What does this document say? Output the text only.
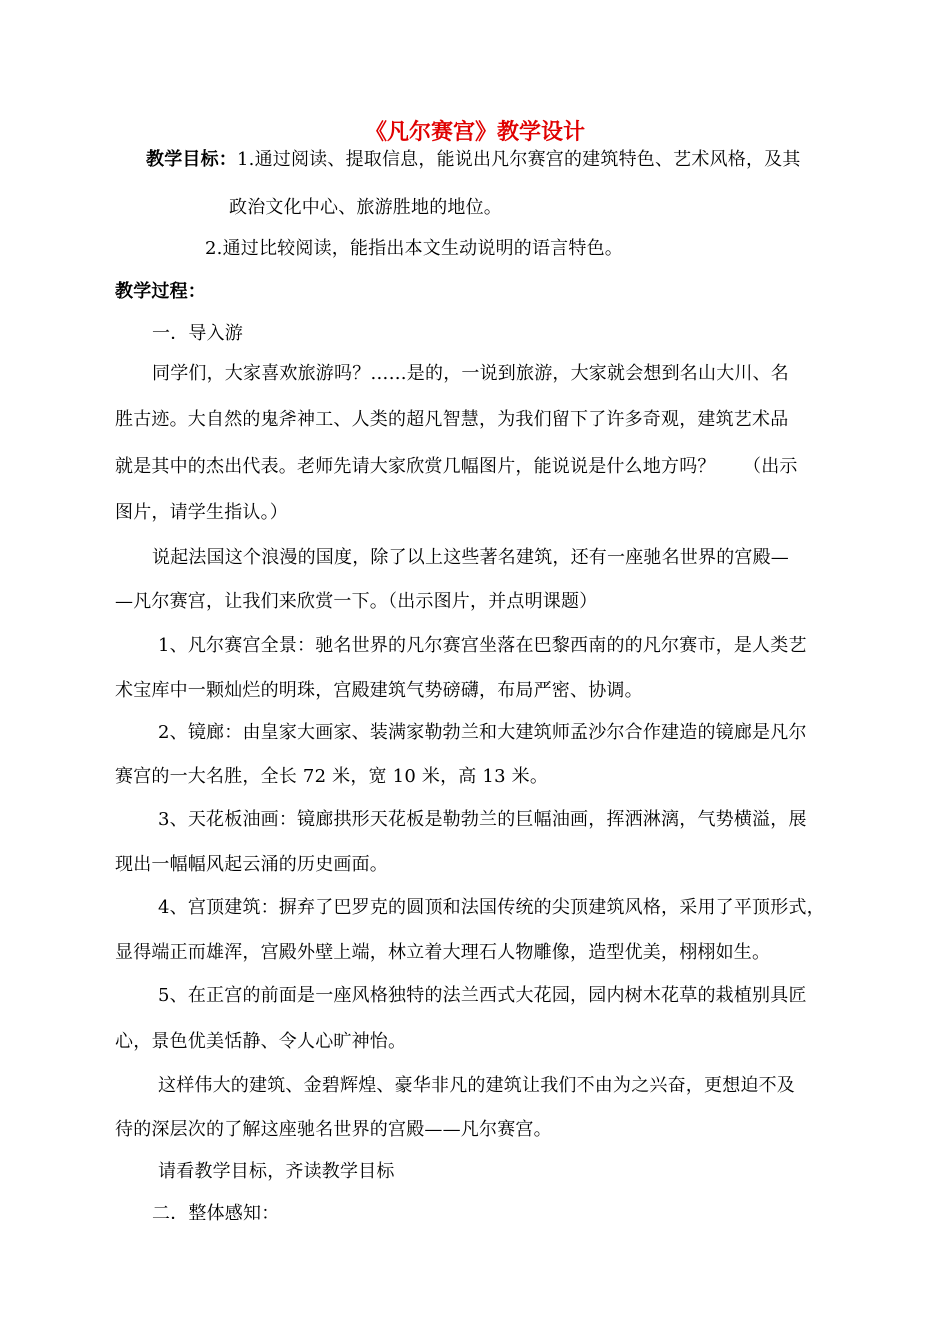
《凡尔赛宫》教学设计
教学目标：1.通过阅读、提取信息，能说出凡尔赛宫的建筑特色、艺术风格，及其
政治文化中心、旅游胜地的地位。
2.通过比较阅读，能指出本文生动说明的语言特色。
教学过程：
一．导入游
同学们，大家喜欢旅游吗？……是的，一说到旅游，大家就会想到名山大川、名
胜古迹。大自然的鬼斧神工、人类的超凡智慧，为我们留下了许多奇观，建筑艺术品
就是其中的杰出代表。老师先请大家欣赏几幅图片，能说说是什么地方吗？　　（出示
图片，请学生指认。）
说起法国这个浪漫的国度，除了以上这些著名建筑，还有一座驰名世界的宫殿—
—凡尔赛宫，让我们来欣赏一下。（出示图片，并点明课题）
1、凡尔赛宫全景：驰名世界的凡尔赛宫坐落在巴黎西南的的凡尔赛市，是人类艺
术宝库中一颗灿烂的明珠，宫殿建筑气势磅礴，布局严密、协调。
2、镜廊：由皇家大画家、装满家勒勃兰和大建筑师孟沙尔合作建造的镜廊是凡尔
赛宫的一大名胜，全长 72 米，宽 10 米，高 13 米。
3、天花板油画：镜廊拱形天花板是勒勃兰的巨幅油画，挥洒淋漓，气势横溢，展
现出一幅幅风起云涌的历史画面。
4、宫顶建筑：摒弃了巴罗克的圆顶和法国传统的尖顶建筑风格，采用了平顶形式，
显得端正而雄浑，宫殿外壁上端，林立着大理石人物雕像，造型优美，栩栩如生。
5、在正宫的前面是一座风格独特的法兰西式大花园，园内树木花草的栽植别具匠
心，景色优美恬静、令人心旷神怡。
这样伟大的建筑、金碧辉煌、豪华非凡的建筑让我们不由为之兴奋，更想迫不及
待的深层次的了解这座驰名世界的宫殿——凡尔赛宫。
请看教学目标，齐读教学目标
二．整体感知：
